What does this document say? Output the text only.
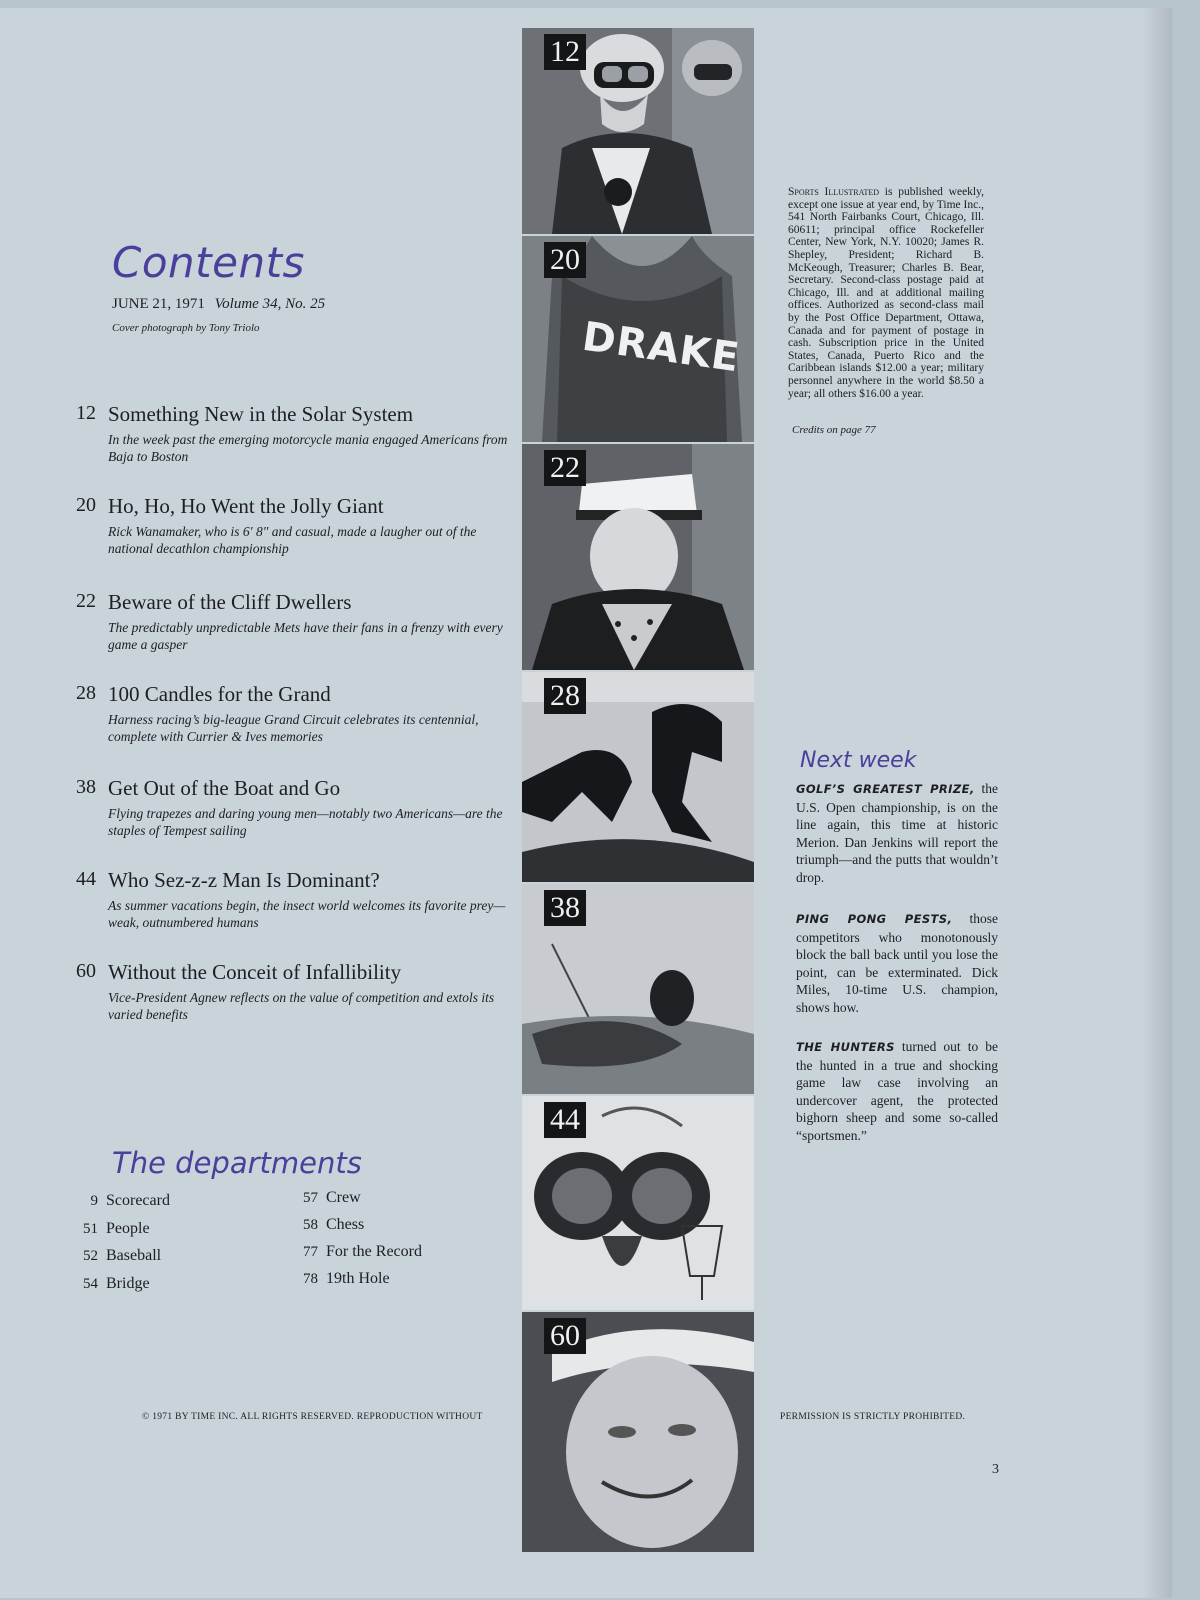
Contents
JUNE 21, 1971 Volume 34, No. 25
Cover photograph by Tony Triolo
12 Something New in the Solar System
In the week past the emerging motorcycle mania engaged Americans from Baja to Boston
20 Ho, Ho, Ho Went the Jolly Giant
Rick Wanamaker, who is 6′ 8″ and casual, made a laugher out of the national decathlon championship
22 Beware of the Cliff Dwellers
The predictably unpredictable Mets have their fans in a frenzy with every game a gasper
28 100 Candles for the Grand
Harness racing’s big-league Grand Circuit celebrates its centennial, complete with Currier & Ives memories
38 Get Out of the Boat and Go
Flying trapezes and daring young men—notably two Americans—are the staples of Tempest sailing
44 Who Sez-z-z Man Is Dominant?
As summer vacations begin, the insect world welcomes its favorite prey—weak, outnumbered humans
60 Without the Conceit of Infallibility
Vice-President Agnew reflects on the value of competition and extols its varied benefits
The departments
9 Scorecard
51 People
52 Baseball
54 Bridge
57 Crew
58 Chess
77 For the Record
78 19th Hole
12
DRAKE
20
22
28
38
44
60
Sports Illustrated is published weekly, except one issue at year end, by Time Inc., 541 North Fairbanks Court, Chicago, Ill. 60611; principal office Rockefeller Center, New York, N.Y. 10020; James R. Shepley, President; Richard B. McKeough, Treasurer; Charles B. Bear, Secretary. Second-class postage paid at Chicago, Ill. and at additional mailing offices. Authorized as second-class mail by the Post Office Department, Ottawa, Canada and for payment of postage in cash. Subscription price in the United States, Canada, Puerto Rico and the Caribbean islands $12.00 a year; military personnel anywhere in the world $8.50 a year; all others $16.00 a year.
Credits on page 77
Next week
GOLF’S GREATEST PRIZE, the U.S. Open championship, is on the line again, this time at historic Merion. Dan Jenkins will report the triumph—and the putts that wouldn’t drop.
PING PONG PESTS, those competitors who monotonously block the ball back until you lose the point, can be exterminated. Dick Miles, 10-time U.S. champion, shows how.
THE HUNTERS turned out to be the hunted in a true and shocking game law case involving an undercover agent, the protected bighorn sheep and some so-called “sportsmen.”
© 1971 BY TIME INC. ALL RIGHTS RESERVED. REPRODUCTION WITHOUT	PERMISSION IS STRICTLY PROHIBITED.
3
